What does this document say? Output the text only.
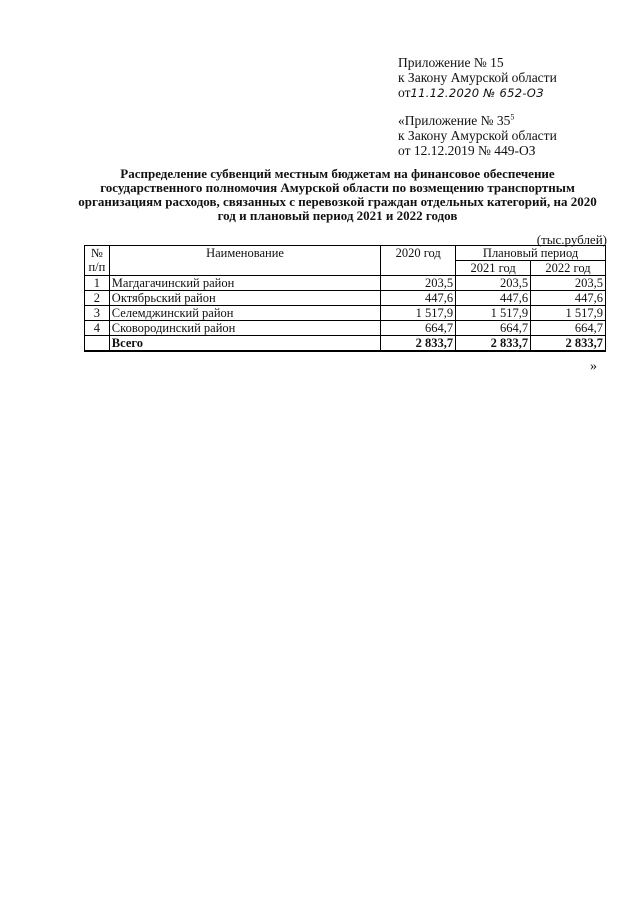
Приложение № 15
к Закону Амурской области
от11.12.2020 № 652-ОЗ
«Приложение № $35^5$
к Закону Амурской области
от 12.12.2019 № 449-ОЗ
Распределение субвенций местным бюджетам на финансовое обеспечение государственного полномочия Амурской области по возмещению транспортным организациям расходов, связанных с перевозкой граждан отдельных категорий, на 2020 год и плановый период 2021 и 2022 годов
(тыс.рублей)
№ п/п	Наименование	2020 год	Плановый период	
			2021 год	2022 год
1	Магдагачинский район	203,5	203,5	203,5
2	Октябрьский район	447,6	447,6	447,6
3	Селемджинский район	1 517,9	1 517,9	1 517,9
4	Сковородинский район	664,7	664,7	664,7
	Всего	2 833,7	2 833,7	2 833,7
»
